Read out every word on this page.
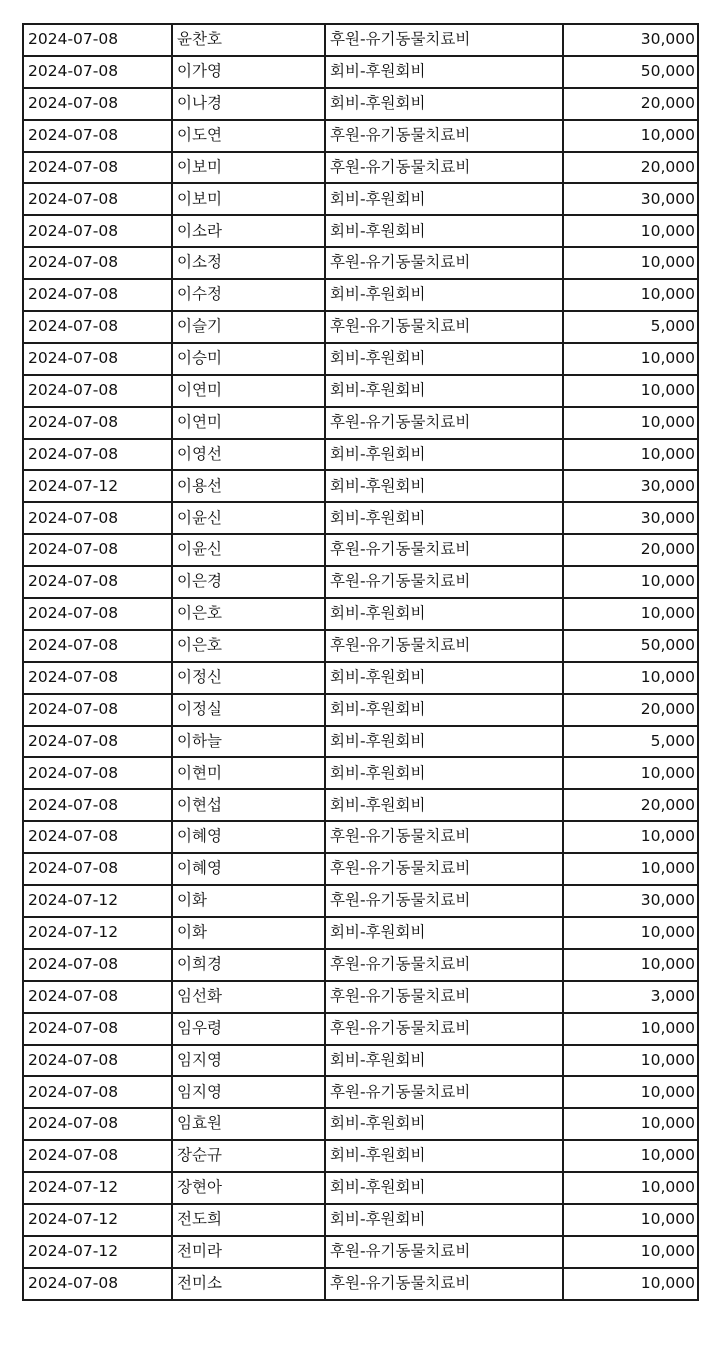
2024-07-08	윤찬호	후원-유기동물치료비	30,000
2024-07-08	이가영	회비-후원회비	50,000
2024-07-08	이나경	회비-후원회비	20,000
2024-07-08	이도연	후원-유기동물치료비	10,000
2024-07-08	이보미	후원-유기동물치료비	20,000
2024-07-08	이보미	회비-후원회비	30,000
2024-07-08	이소라	회비-후원회비	10,000
2024-07-08	이소정	후원-유기동물치료비	10,000
2024-07-08	이수정	회비-후원회비	10,000
2024-07-08	이슬기	후원-유기동물치료비	5,000
2024-07-08	이승미	회비-후원회비	10,000
2024-07-08	이연미	회비-후원회비	10,000
2024-07-08	이연미	후원-유기동물치료비	10,000
2024-07-08	이영선	회비-후원회비	10,000
2024-07-12	이용선	회비-후원회비	30,000
2024-07-08	이윤신	회비-후원회비	30,000
2024-07-08	이윤신	후원-유기동물치료비	20,000
2024-07-08	이은경	후원-유기동물치료비	10,000
2024-07-08	이은호	회비-후원회비	10,000
2024-07-08	이은호	후원-유기동물치료비	50,000
2024-07-08	이정신	회비-후원회비	10,000
2024-07-08	이정실	회비-후원회비	20,000
2024-07-08	이하늘	회비-후원회비	5,000
2024-07-08	이현미	회비-후원회비	10,000
2024-07-08	이현섭	회비-후원회비	20,000
2024-07-08	이혜영	후원-유기동물치료비	10,000
2024-07-08	이혜영	후원-유기동물치료비	10,000
2024-07-12	이화	후원-유기동물치료비	30,000
2024-07-12	이화	회비-후원회비	10,000
2024-07-08	이희경	후원-유기동물치료비	10,000
2024-07-08	임선화	후원-유기동물치료비	3,000
2024-07-08	임우령	후원-유기동물치료비	10,000
2024-07-08	임지영	회비-후원회비	10,000
2024-07-08	임지영	후원-유기동물치료비	10,000
2024-07-08	임효원	회비-후원회비	10,000
2024-07-08	장순규	회비-후원회비	10,000
2024-07-12	장현아	회비-후원회비	10,000
2024-07-12	전도희	회비-후원회비	10,000
2024-07-12	전미라	후원-유기동물치료비	10,000
2024-07-08	전미소	후원-유기동물치료비	10,000
